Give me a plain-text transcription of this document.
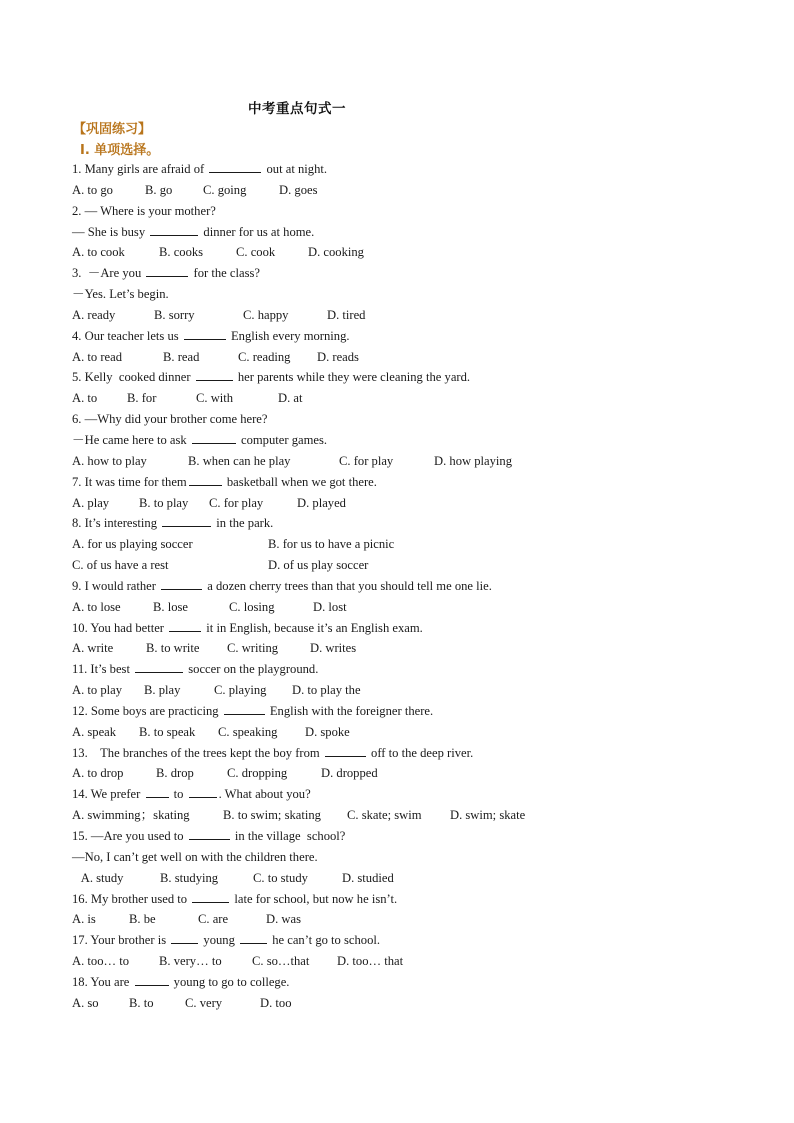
中考重点句式一
【巩固练习】
Ⅰ. 单项选择。
1. Many girls are afraid of	out at night.
A. to go	B. go C. going	D. goes
2. — Where is your mother?
— She is busy	dinner for us at home.
A. to cook	B. cooks	C. cook	D. cooking
3.  －Are you	for the class?
－Yes. Let’s begin.
A. ready	B. sorry	C. happy	D. tired
4. Our teacher lets us	English every morning.
A. to read	B. read	C. reading D. reads
5. Kelly  cooked dinner	her parents while they were cleaning the yard.
A. to B. for	C. with	D. at
6. —Why did your brother come here?
－He came here to ask	computer games.
A. how to play	B. when can he play	C. for play	D. how playing
7. It was time for them	basketball when we got there.
A. play B. to play C. for play	D. played
8. It’s interesting	in the park.
A. for us playing soccer	B. for us to have a picnic
C. of us have a rest	D. of us play soccer
9. I would rather	a dozen cherry trees than that you should tell me one lie.
A. to lose	B. lose	C. losing	D. lost
10. You had better	it in English, because it’s an English exam.
A. write	B. to write C. writing	D. writes
11. It’s best	soccer on the playground.
A. to play B. play	C. playing D. to play the
12. Some boys are practicing	English with the foreigner there.
A. speak B. to speak C. speaking D. spoke
13.    The branches of the trees kept the boy from	off to the deep river.
A. to drop	B. drop	C. dropping	D. dropped
14. We prefer  to	. What about you?
A. swimming；skating	B. to swim; skating C. skate; swim D. swim; skate
15. —Are you used to	in the village  school?
—No, I can’t get well on with the children there.
A. study	B. studying	C. to study	D. studied
16. My brother used to	late for school, but now he isn’t.
A. is	B. be	C. are	D. was
17. Your brother is  young  he can’t go to school.
A. too… to B. very… to C. so…that D. too… that
18. You are	young to go to college.
A. so B. to	C. very	D. too
